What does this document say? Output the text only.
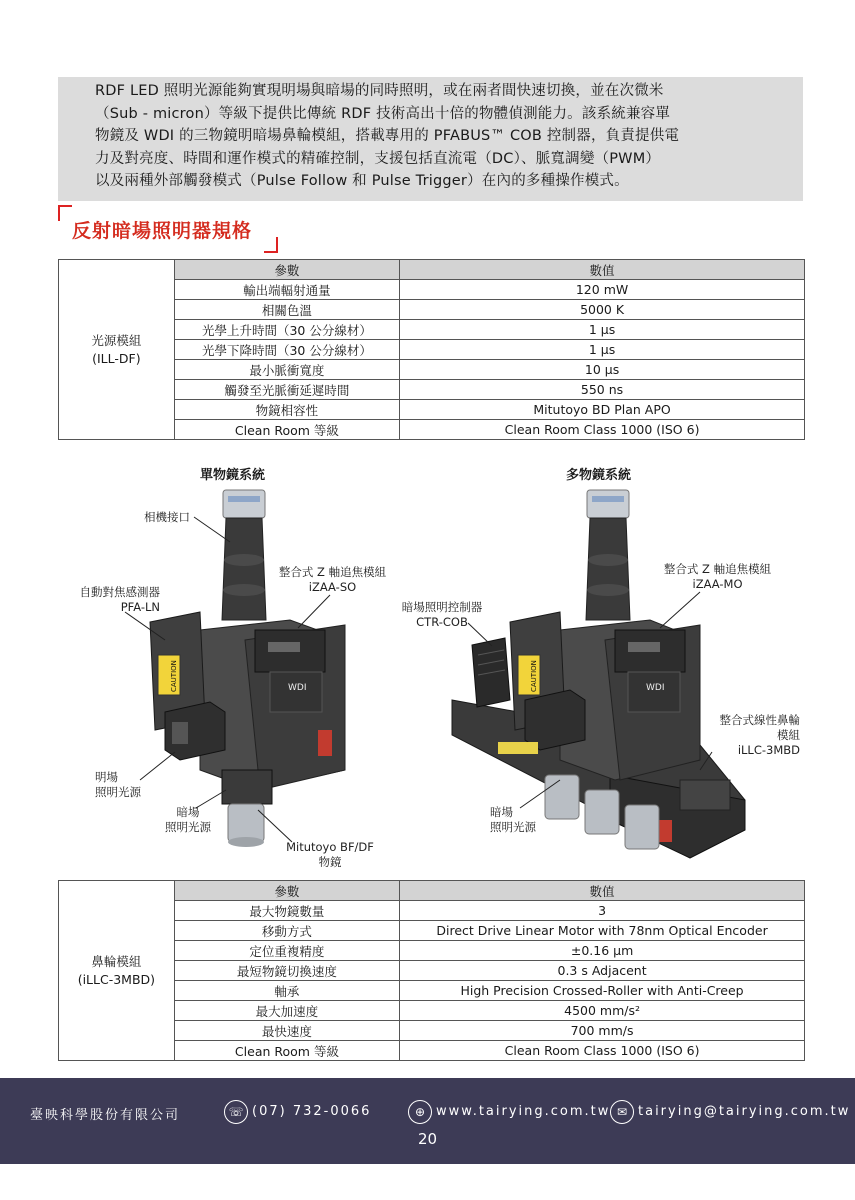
RDF LED 照明光源能夠實現明場與暗場的同時照明，或在兩者間快速切換，並在次微米
（Sub - micron）等級下提供比傳統 RDF 技術高出十倍的物體偵測能力。該系統兼容單
物鏡及 WDI 的三物鏡明暗場鼻輪模組，搭載專用的 PFABUS™ COB 控制器，負責提供電
力及對亮度、時間和運作模式的精確控制，支援包括直流電（DC）、脈寬調變（PWM）
以及兩種外部觸發模式（Pulse Follow 和 Pulse Trigger）在內的多種操作模式。
反射暗場照明器規格
光源模組
(ILL-DF)	參數	數值
	輸出端輻射通量	120 mW
	相關色溫	5000 K
	光學上升時間（30 公分線材）	1 μs
	光學下降時間（30 公分線材）	1 μs
	最小脈衝寬度	10 μs
	觸發至光脈衝延遲時間	550 ns
	物鏡相容性	Mitutoyo BD Plan APO
	Clean Room 等級	Clean Room Class 1000 (ISO 6)
單物鏡系統	多物鏡系統
WDI
CAUTION	WDI
CAUTION
相機接口
自動對焦感測器
PFA-LN
整合式 Z 軸追焦模組
iZAA-SO
明場
照明光源
暗場
照明光源
Mitutoyo BF/DF
物鏡
暗場照明控制器
CTR-COB
整合式 Z 軸追焦模組
iZAA-MO
整合式線性鼻輪
模組
iLLC-3MBD
暗場
照明光源
鼻輪模組
(iLLC-3MBD)	參數	數值
	最大物鏡數量	3
	移動方式	Direct Drive Linear Motor with 78nm Optical Encoder
	定位重複精度	±0.16 μm
	最短物鏡切換速度	0.3 s Adjacent
	軸承	High Precision Crossed-Roller with Anti-Creep
	最大加速度	4500 mm/s²
	最快速度	700 mm/s
	Clean Room 等級	Clean Room Class 1000 (ISO 6)
臺映科學股份有限公司	☏ (07) 732-0066	⊕ www.tairying.com.tw ✉ tairying@tairying.com.tw
20
